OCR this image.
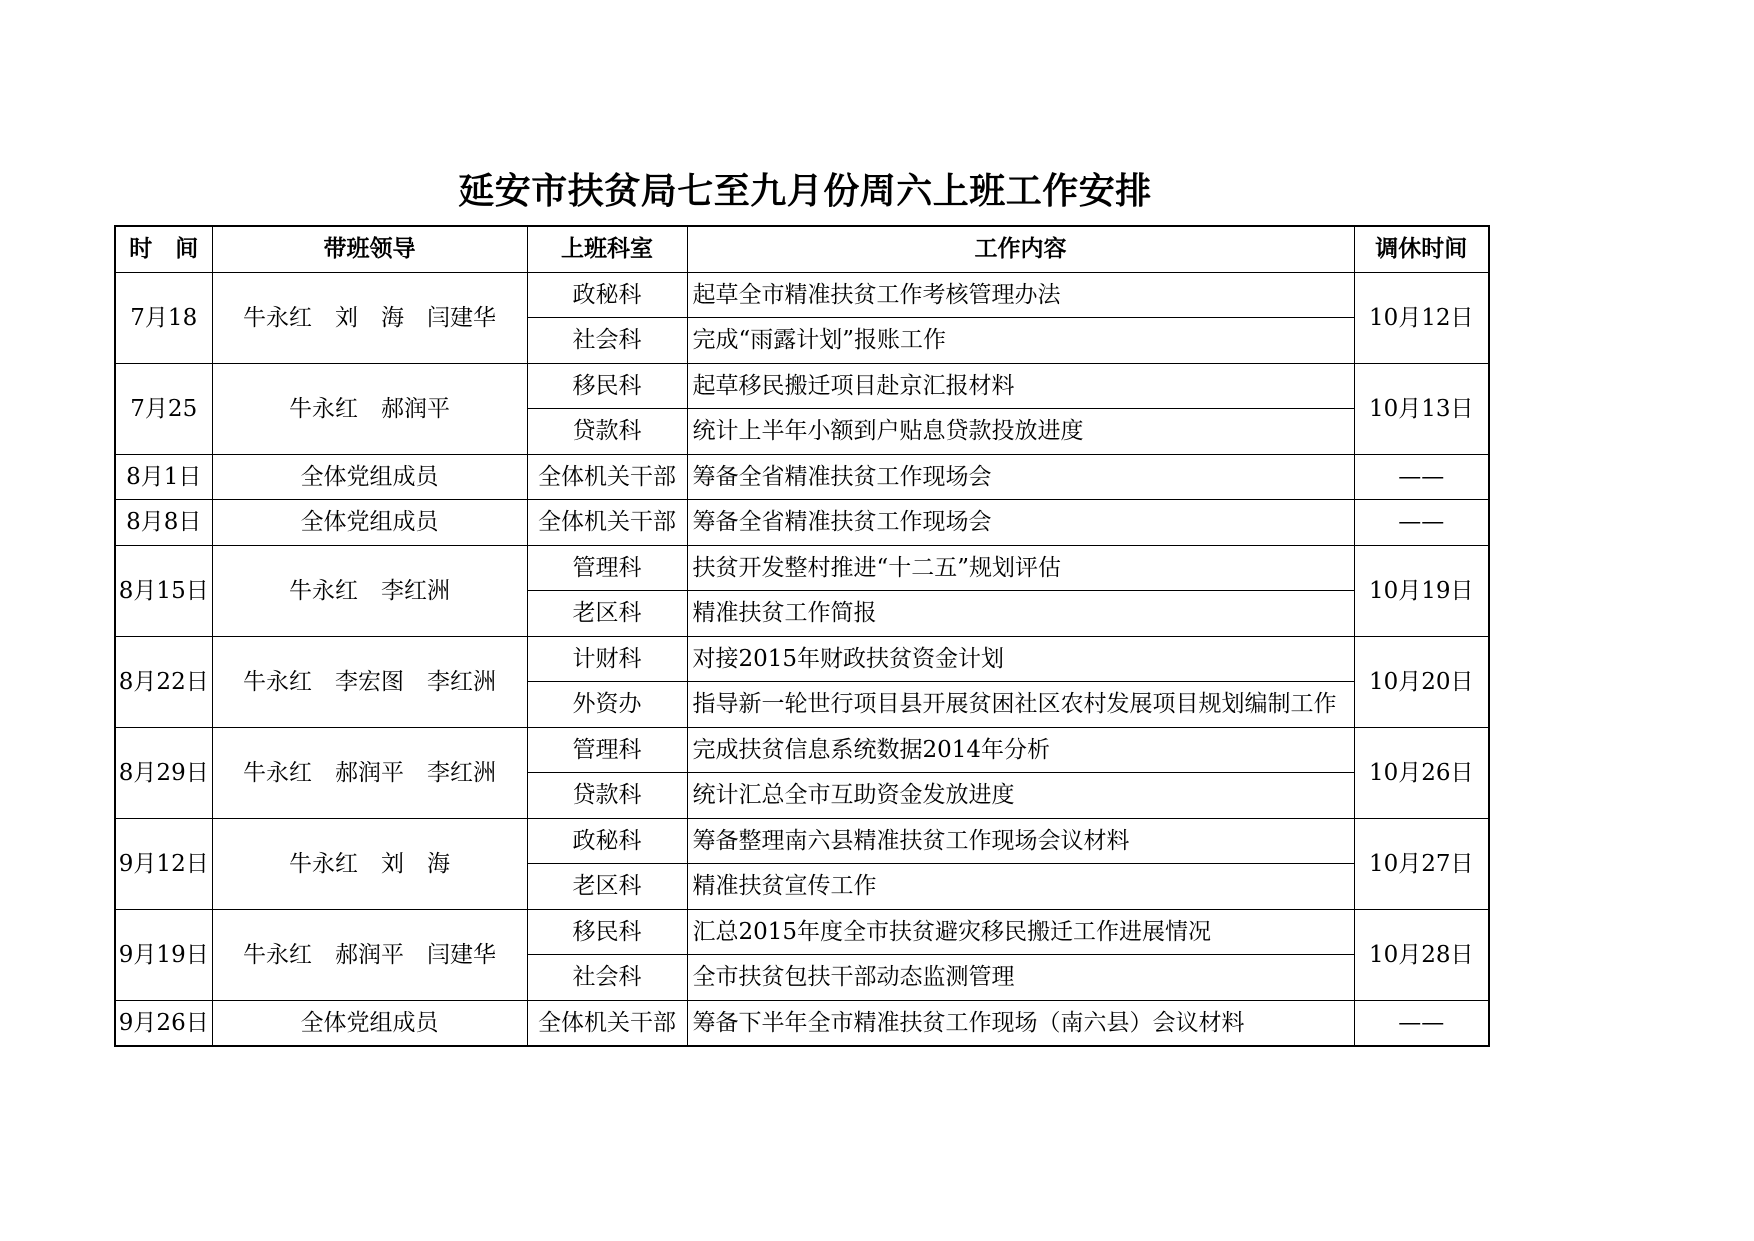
延安市扶贫局七至九月份周六上班工作安排
时　间	带班领导	上班科室	工作内容	调休时间
7月18	牛永红　刘　海　闫建华	政秘科	起草全市精准扶贫工作考核管理办法	10月12日
		社会科	完成“雨露计划”报账工作	
7月25	牛永红　郝润平	移民科	起草移民搬迁项目赴京汇报材料	10月13日
		贷款科	统计上半年小额到户贴息贷款投放进度	
8月1日	全体党组成员	全体机关干部	筹备全省精准扶贫工作现场会	——
8月8日	全体党组成员	全体机关干部	筹备全省精准扶贫工作现场会	——
8月15日	牛永红　李红洲	管理科	扶贫开发整村推进“十二五”规划评估	10月19日
		老区科	精准扶贫工作简报	
8月22日	牛永红　李宏图　李红洲	计财科	对接2015年财政扶贫资金计划	10月20日
		外资办	指导新一轮世行项目县开展贫困社区农村发展项目规划编制工作	
8月29日	牛永红　郝润平　李红洲	管理科	完成扶贫信息系统数据2014年分析	10月26日
		贷款科	统计汇总全市互助资金发放进度	
9月12日	牛永红　刘　海	政秘科	筹备整理南六县精准扶贫工作现场会议材料	10月27日
		老区科	精准扶贫宣传工作	
9月19日	牛永红　郝润平　闫建华	移民科	汇总2015年度全市扶贫避灾移民搬迁工作进展情况	10月28日
		社会科	全市扶贫包扶干部动态监测管理	
9月26日	全体党组成员	全体机关干部	筹备下半年全市精准扶贫工作现场（南六县）会议材料	——
